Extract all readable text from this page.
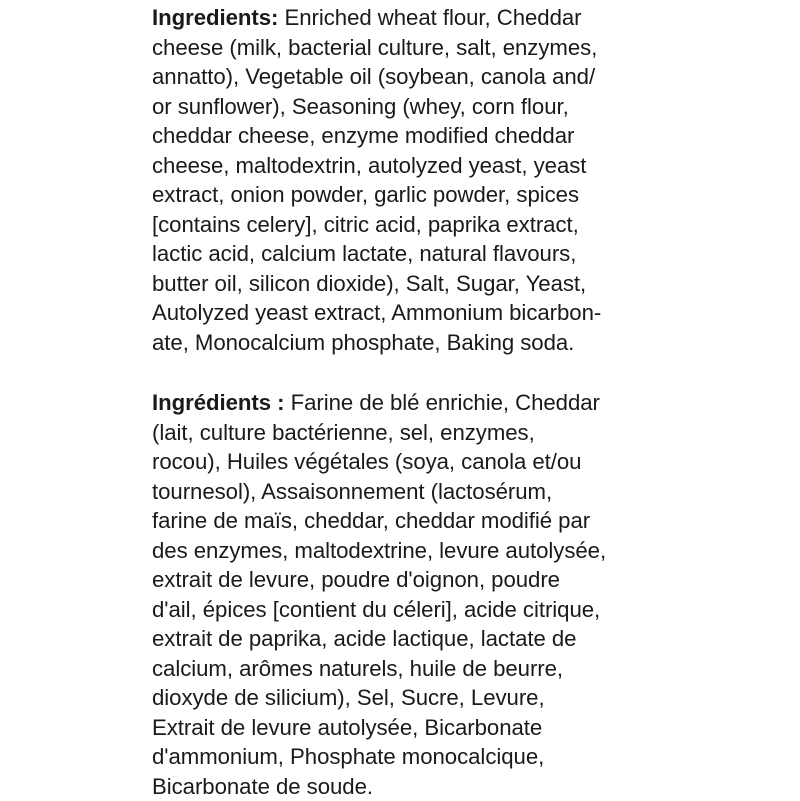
Ingredients: Enriched wheat flour, Cheddar
cheese (milk, bacterial culture, salt, enzymes,
annatto), Vegetable oil (soybean, canola and/
or sunflower), Seasoning (whey, corn flour,
cheddar cheese, enzyme modified cheddar
cheese, maltodextrin, autolyzed yeast, yeast
extract, onion powder, garlic powder, spices
[contains celery], citric acid, paprika extract,
lactic acid, calcium lactate, natural flavours,
butter oil, silicon dioxide), Salt, Sugar, Yeast,
Autolyzed yeast extract, Ammonium bicarbon-
ate, Monocalcium phosphate, Baking soda.

Ingrédients : Farine de blé enrichie, Cheddar
(lait, culture bactérienne, sel, enzymes,
rocou), Huiles végétales (soya, canola et/ou
tournesol), Assaisonnement (lactosérum,
farine de maïs, cheddar, cheddar modifié par
des enzymes, maltodextrine, levure autolysée,
extrait de levure, poudre d'oignon, poudre
d'ail, épices [contient du céleri], acide citrique,
extrait de paprika, acide lactique, lactate de
calcium, arômes naturels, huile de beurre,
dioxyde de silicium), Sel, Sucre, Levure,
Extrait de levure autolysée, Bicarbonate
d'ammonium, Phosphate monocalcique,
Bicarbonate de soude.
